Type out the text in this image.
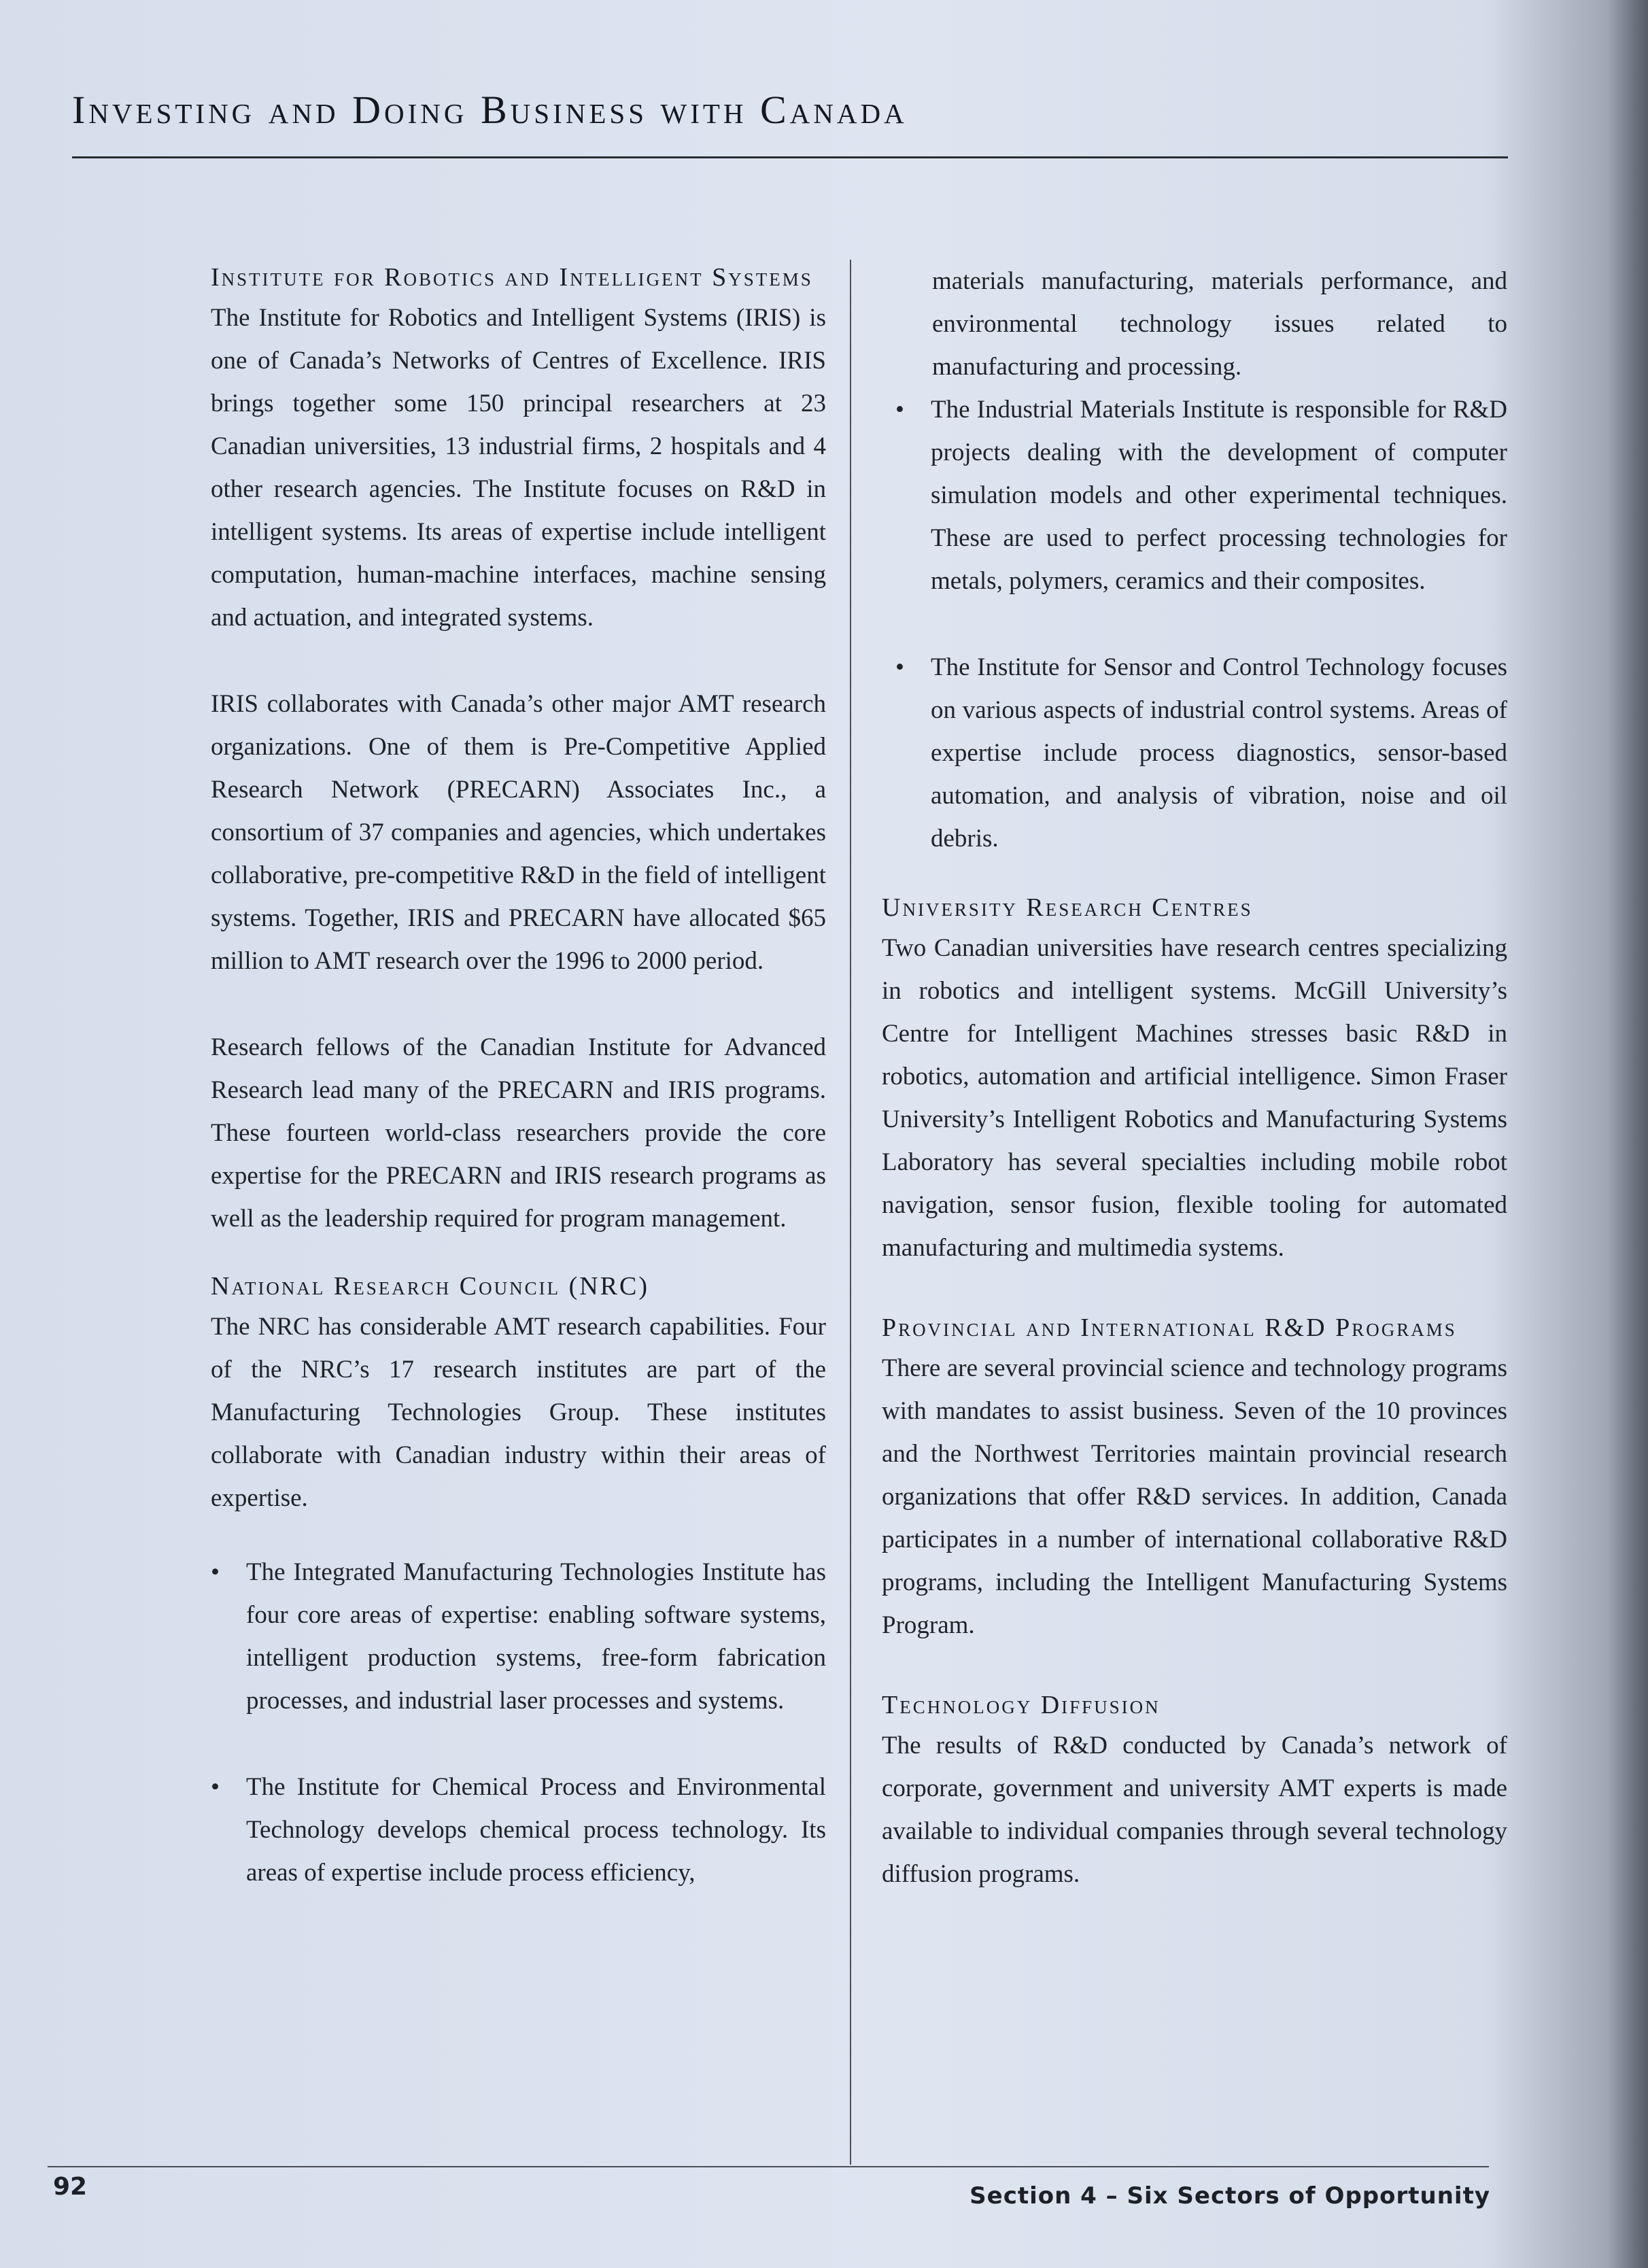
Investing and Doing Business with Canada
Institute for Robotics and Intelligent Systems

The Institute for Robotics and Intelligent Systems (IRIS) is one of Canada’s Networks of Centres of Excellence. IRIS brings together some 150 principal researchers at 23 Canadian universities, 13 industrial firms, 2 hospitals and 4 other research agencies. The Institute focuses on R&D in intelligent systems. Its areas of expertise include intelligent computation, human-machine interfaces, machine sensing and actuation, and integrated systems.

IRIS collaborates with Canada’s other major AMT research organizations. One of them is Pre-Competitive Applied Research Network (PRECARN) Associates Inc., a consortium of 37 companies and agencies, which undertakes collaborative, pre-competitive R&D in the field of intelligent systems. Together, IRIS and PRECARN have allocated $65 million to AMT research over the 1996 to 2000 period.

Research fellows of the Canadian Institute for Advanced Research lead many of the PRECARN and IRIS programs. These fourteen world-class researchers provide the core expertise for the PRECARN and IRIS research programs as well as the leadership required for program management.

National Research Council (NRC)

The NRC has considerable AMT research capabilities. Four of the NRC’s 17 research institutes are part of the Manufacturing Technologies Group. These institutes collaborate with Canadian industry within their areas of expertise.

• The Integrated Manufacturing Technologies Institute has four core areas of expertise: enabling software systems, intelligent production systems, free-form fabrication processes, and industrial laser processes and systems.
• The Institute for Chemical Process and Environmental Technology develops chemical process technology. Its areas of expertise include process efficiency,

materials manufacturing, materials performance, and environmental technology issues related to manufacturing and processing.

• The Industrial Materials Institute is responsible for R&D projects dealing with the development of computer simulation models and other experimental techniques. These are used to perfect processing technologies for metals, polymers, ceramics and their composites.
• The Institute for Sensor and Control Technology focuses on various aspects of industrial control systems. Areas of expertise include process diagnostics, sensor-based automation, and analysis of vibration, noise and oil debris.
University Research Centres

Two Canadian universities have research centres specializing in robotics and intelligent systems. McGill University’s Centre for Intelligent Machines stresses basic R&D in robotics, automation and artificial intelligence. Simon Fraser University’s Intelligent Robotics and Manufacturing Systems Laboratory has several specialties including mobile robot navigation, sensor fusion, flexible tooling for automated manufacturing and multimedia systems.

Provincial and International R&D Programs

There are several provincial science and technology programs with mandates to assist business. Seven of the 10 provinces and the Northwest Territories maintain provincial research organizations that offer R&D services. In addition, Canada participates in a number of international collaborative R&D programs, including the Intelligent Manufacturing Systems Program.

Technology Diffusion

The results of R&D conducted by Canada’s network of corporate, government and university AMT experts is made available to individual companies through several technology diffusion programs.

92	Section 4 – Six Sectors of Opportunity
